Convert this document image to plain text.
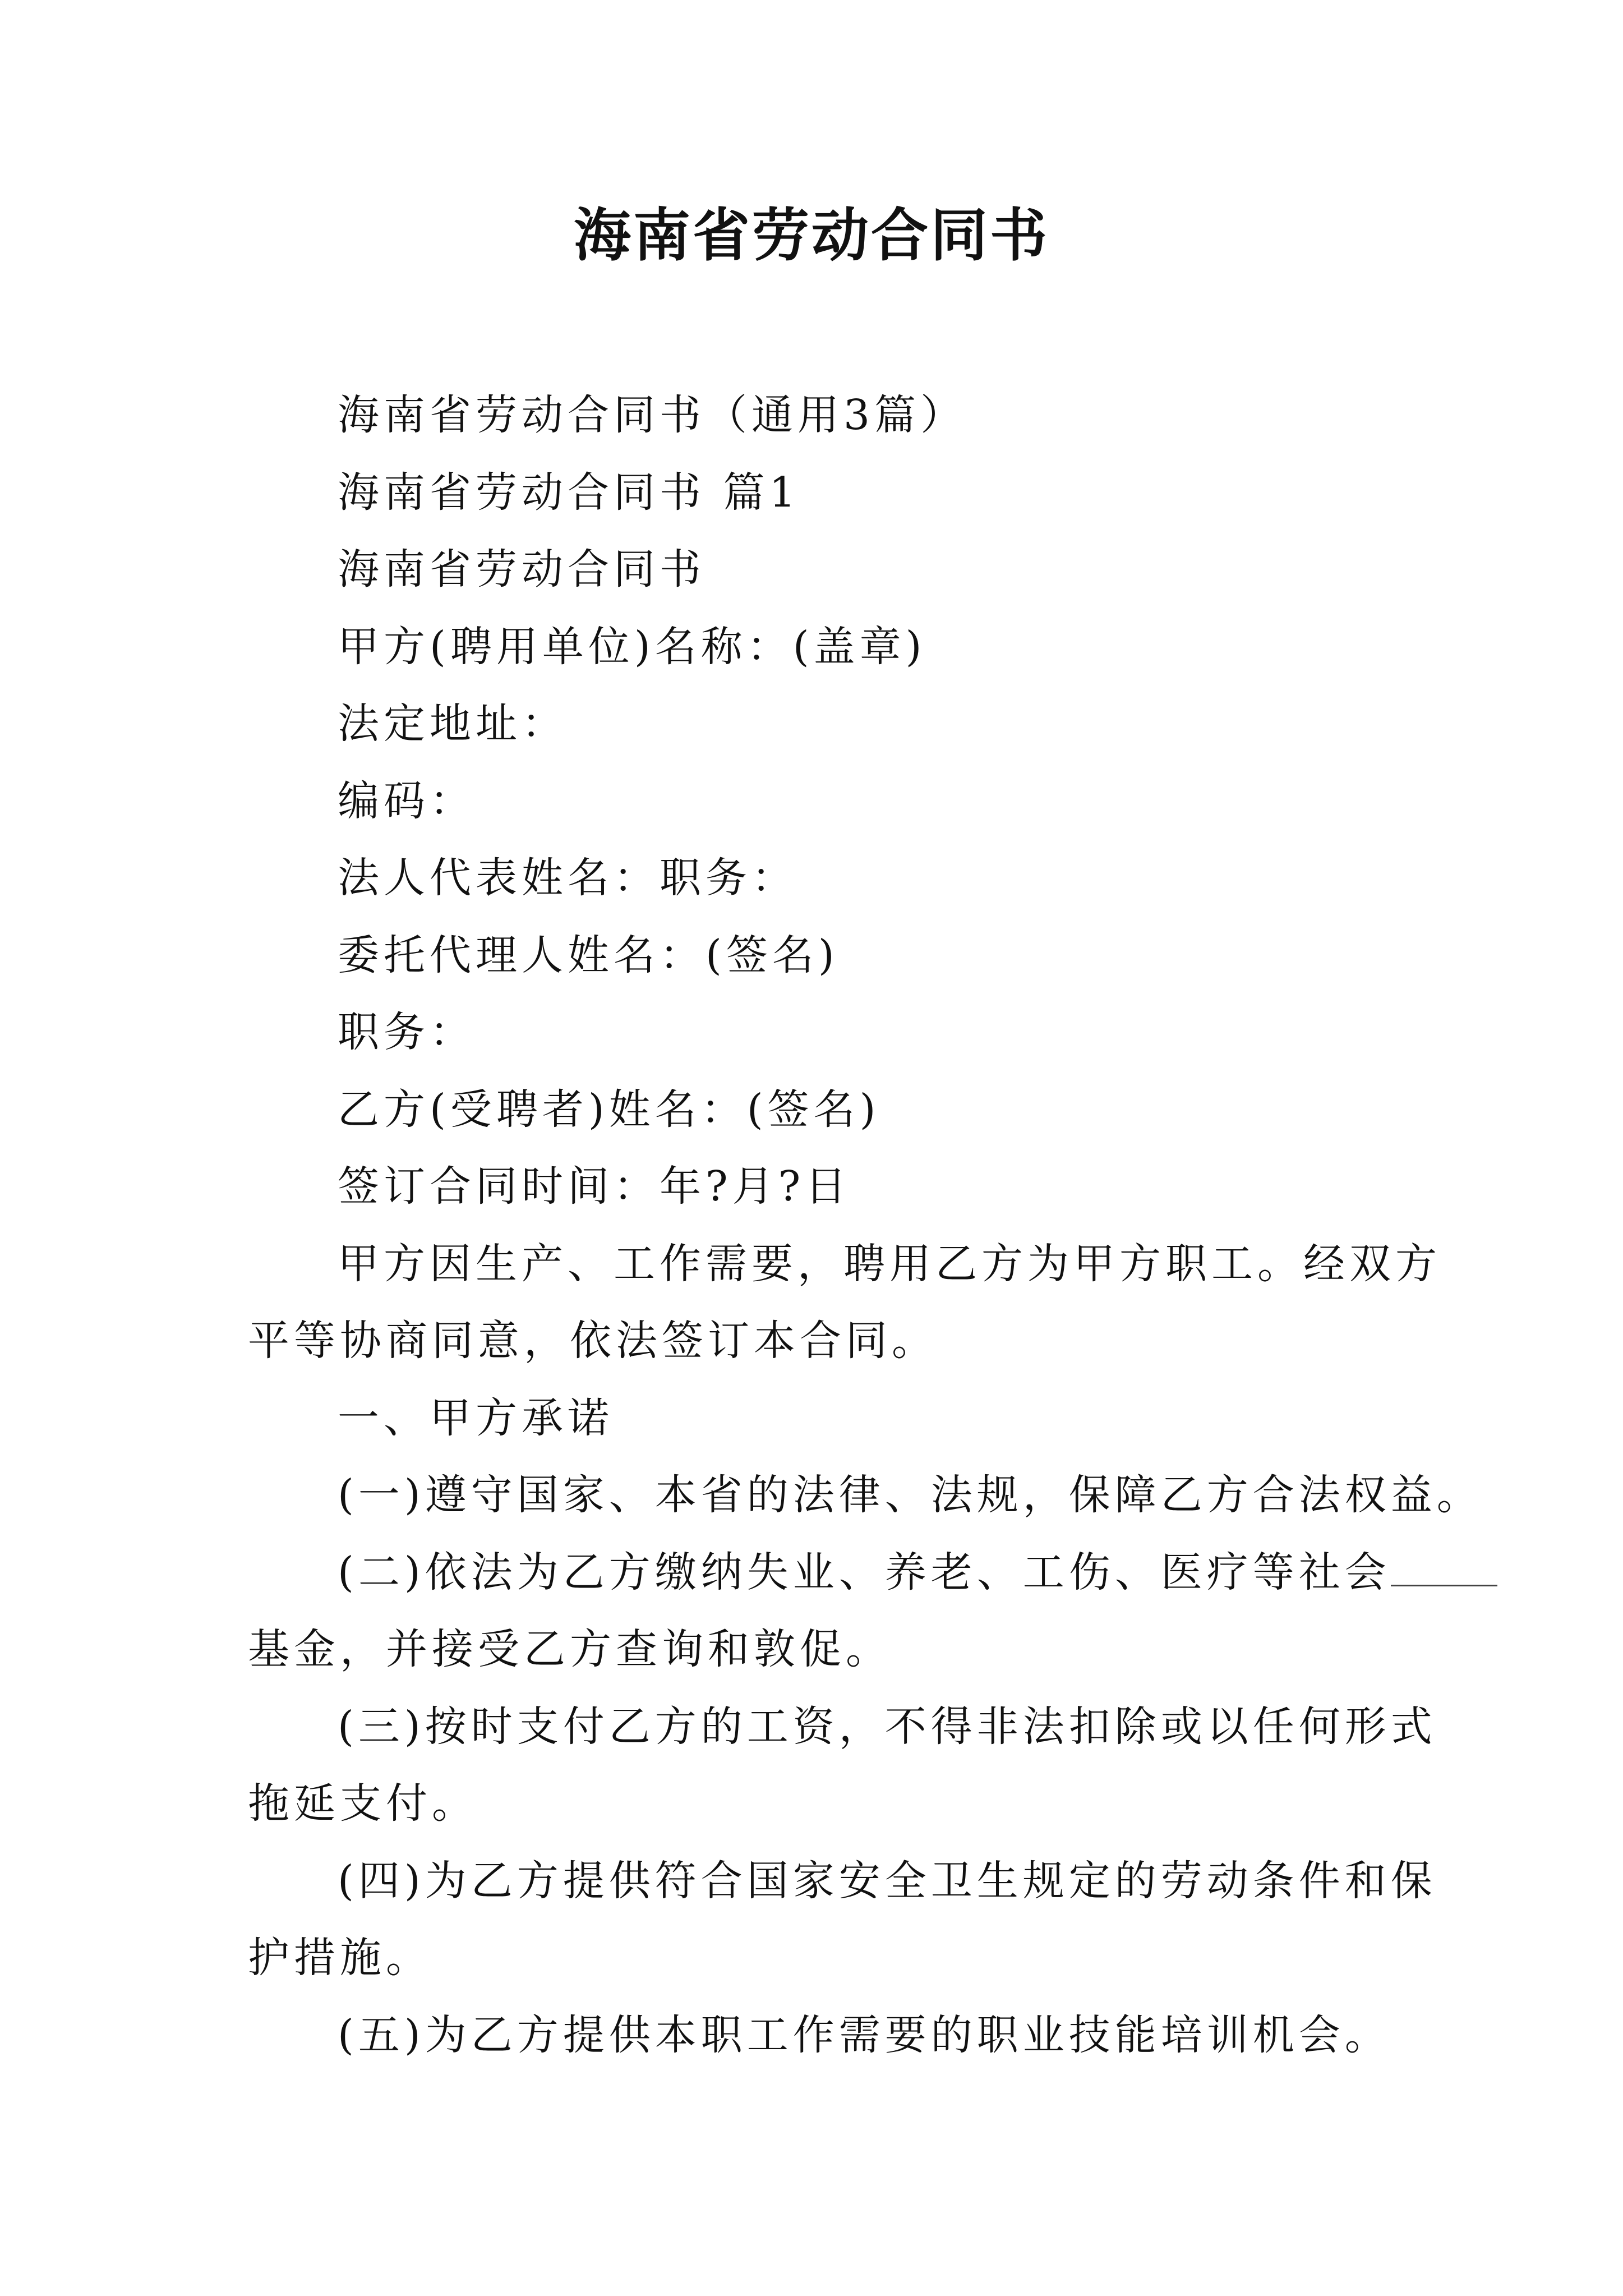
海南省劳动合同书
海南省劳动合同书（通用3篇）
海南省劳动合同书 篇1
海南省劳动合同书
甲方(聘用单位)名称：(盖章)
法定地址：
编码：
法人代表姓名：职务：
委托代理人姓名：(签名)
职务：
乙方(受聘者)姓名：(签名)
签订合同时间：年?月?日
甲方因生产、工作需要，聘用乙方为甲方职工。经双方
平等协商同意，依法签订本合同。
一、甲方承诺
(一)遵守国家、本省的法律、法规，保障乙方合法权益。
(二)依法为乙方缴纳失业、养老、工伤、医疗等社会
基金，并接受乙方查询和敦促。
(三)按时支付乙方的工资，不得非法扣除或以任何形式
拖延支付。
(四)为乙方提供符合国家安全卫生规定的劳动条件和保
护措施。
(五)为乙方提供本职工作需要的职业技能培训机会。
